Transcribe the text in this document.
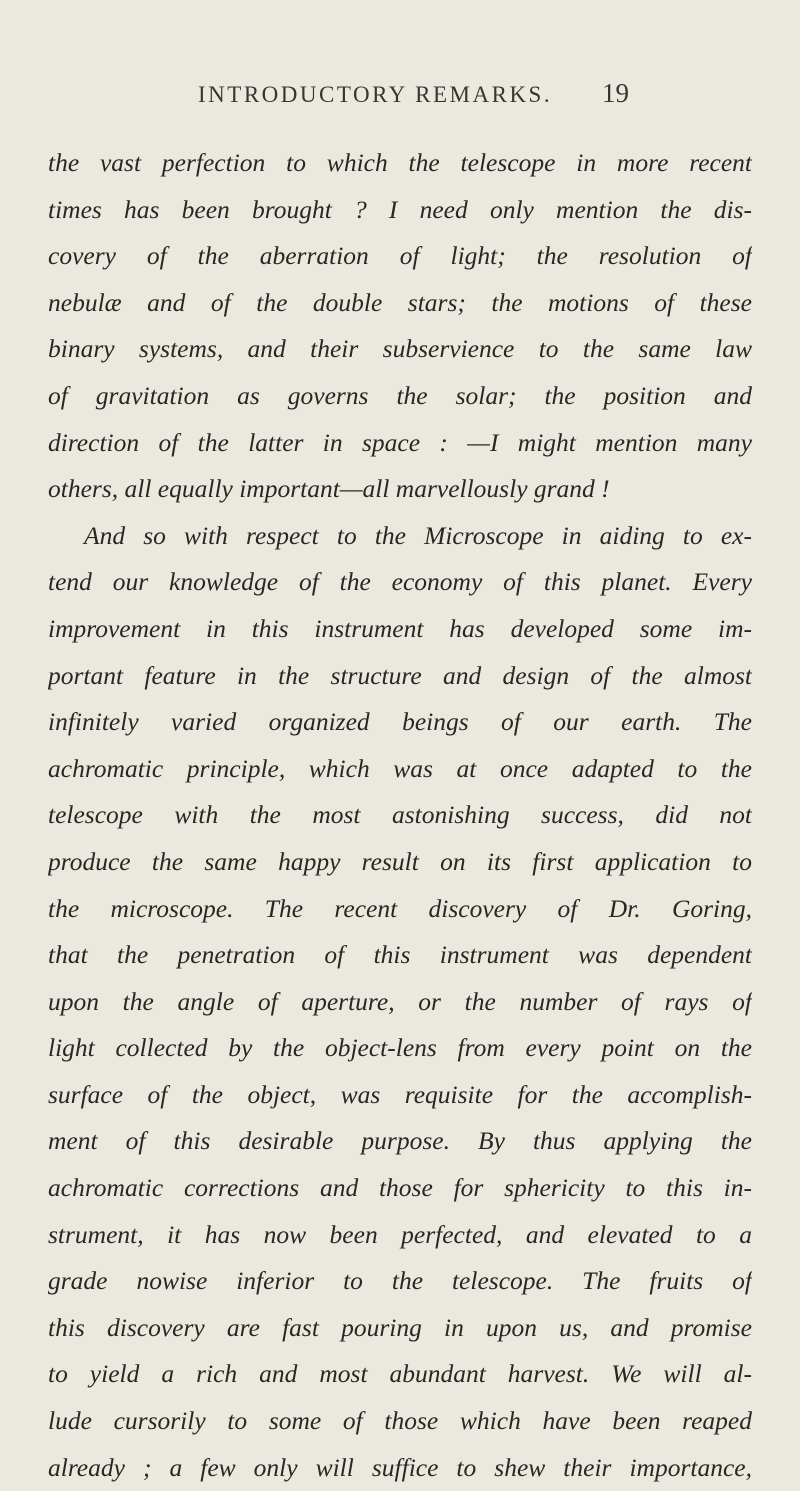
INTRODUCTORY REMARKS.	19
the vast perfection to which the telescope in more recent
times has been brought ? I need only mention the dis-
covery of the aberration of light; the resolution of
nebulæ and of the double stars; the motions of these
binary systems, and their subservience to the same law
of gravitation as governs the solar; the position and
direction of the latter in space : —I might mention many
others, all equally important—all marvellously grand !
And so with respect to the Microscope in aiding to ex-
tend our knowledge of the economy of this planet. Every
improvement in this instrument has developed some im-
portant feature in the structure and design of the almost
infinitely varied organized beings of our earth. The
achromatic principle, which was at once adapted to the
telescope with the most astonishing success, did not
produce the same happy result on its first application to
the microscope. The recent discovery of Dr. Goring,
that the penetration of this instrument was dependent
upon the angle of aperture, or the number of rays of
light collected by the object-lens from every point on the
surface of the object, was requisite for the accomplish-
ment of this desirable purpose. By thus applying the
achromatic corrections and those for sphericity to this in-
strument, it has now been perfected, and elevated to a
grade nowise inferior to the telescope. The fruits of
this discovery are fast pouring in upon us, and promise
to yield a rich and most abundant harvest. We will al-
lude cursorily to some of those which have been reaped
already ; a few only will suffice to shew their importance,
